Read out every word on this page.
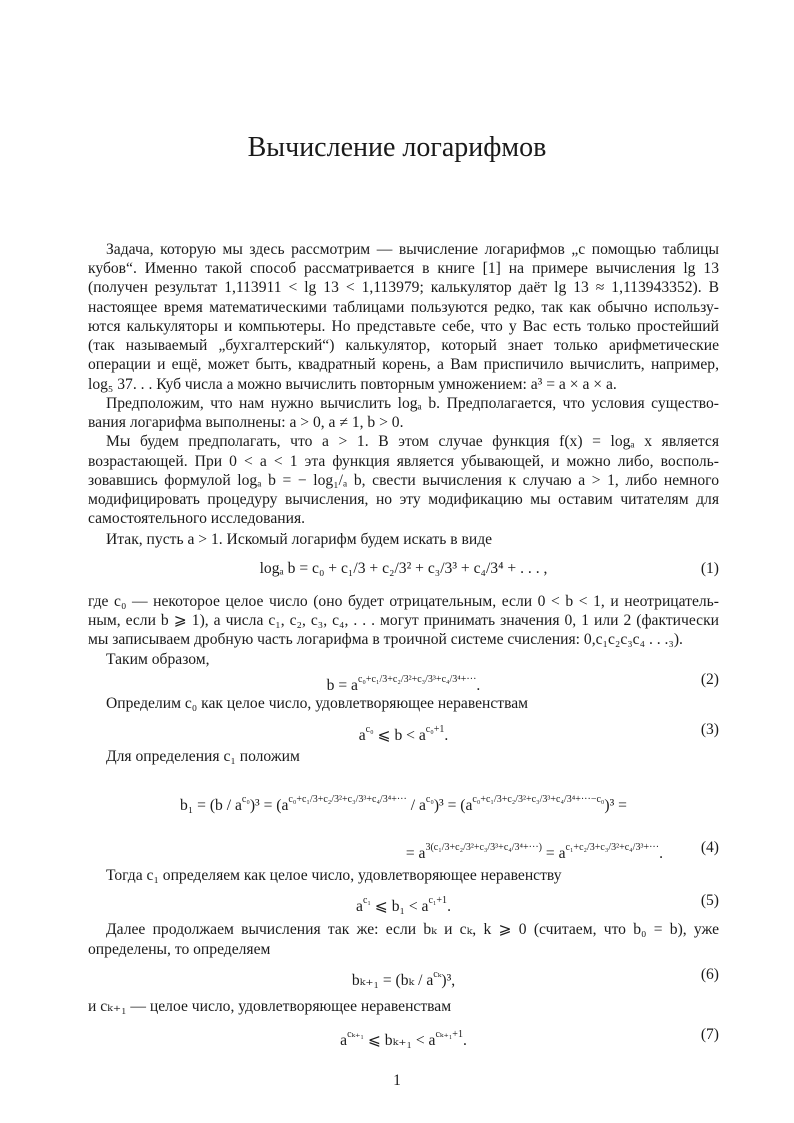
Вычисление логарифмов
Задача, которую мы здесь рассмотрим — вычисление логарифмов „с помощью таблицы
кубов“. Именно такой способ рассматривается в книге [1] на примере вычисления lg 13
(получен результат 1,113911 < lg 13 < 1,113979; калькулятор даёт lg 13 ≈ 1,113943352). В
настоящее время математическими таблицами пользуются редко, так как обычно использу-
ются калькуляторы и компьютеры. Но представьте себе, что у Вас есть только простейший
(так называемый „бухгалтерский“) калькулятор, который знает только арифметические
операции и ещё, может быть, квадратный корень, а Вам приспичило вычислить, например,
log₅ 37. . . Куб числа a можно вычислить повторным умножением: a³ = a × a × a.
Предположим, что нам нужно вычислить logₐ b. Предполагается, что условия существо-
вания логарифма выполнены: a > 0, a ≠ 1, b > 0.
Мы будем предполагать, что a > 1. В этом случае функция f(x) = logₐ x является
возрастающей. При 0 < a < 1 эта функция является убывающей, и можно либо, восполь-
зовавшись формулой logₐ b = − log₁/ₐ b, свести вычисления к случаю a > 1, либо немного
модифицировать процедуру вычисления, но эту модификацию мы оставим читателям для
самостоятельного исследования.
Итак, пусть a > 1. Искомый логарифм будем искать в виде
где c₀ — некоторое целое число (оно будет отрицательным, если 0 < b < 1, и неотрицатель-
ным, если b ⩾ 1), а числа c₁, c₂, c₃, c₄, . . . могут принимать значения 0, 1 или 2 (фактически
мы записываем дробную часть логарифма в троичной системе счисления: 0,c₁c₂c₃c₄ . . .₃).
Таким образом,
Определим c₀ как целое число, удовлетворяющее неравенствам
Для определения c₁ положим
Тогда c₁ определяем как целое число, удовлетворяющее неравенству
Далее продолжаем вычисления так же: если bₖ и cₖ, k ⩾ 0 (считаем, что b₀ = b), уже
определены, то определяем
и cₖ₊₁ — целое число, удовлетворяющее неравенствам
logₐ b = c₀ + c₁/3 + c₂/3² + c₃/3³ + c₄/3⁴ + . . . ,	(1)
$b = a^{c_0+c_1/3+c_2/3^2+c_3/3^3+c_4/3^4+\cdot\cdot\cdot}$.	(2)
$a^{c_0}$ ⩽ $b < a^{c_0+1}$.	(3)
$b_1 = (b / a^{c_0})^3 = (a^{c_0+c_1/3+c_2/3^2+c_3/3^3+c_4/3^4+\cdot\cdot\cdot} / a^{c_0})^3 = (a^{c_0+c_1/3+c_2/3^2+c_3/3^3+c_4/3^4+\cdot\cdot\cdot-c_0})^3$ =
= $a^{3(c_1/3+c_2/3^2+c_3/3^3+c_4/3^4+\cdot\cdot\cdot)} = a^{c_1+c_2/3+c_3/3^2+c_4/3^3+\cdot\cdot\cdot}$.	(4)
$a^{c_1}$ ⩽ $b_1 < a^{c_1+1}$.	(5)
$b_{k+1} = (b_k / a^{c_k})^3$,	(6)
$a^{c_{k+1}}$ ⩽ $b_{k+1} < a^{c_{k+1}+1}$.	(7)
1
